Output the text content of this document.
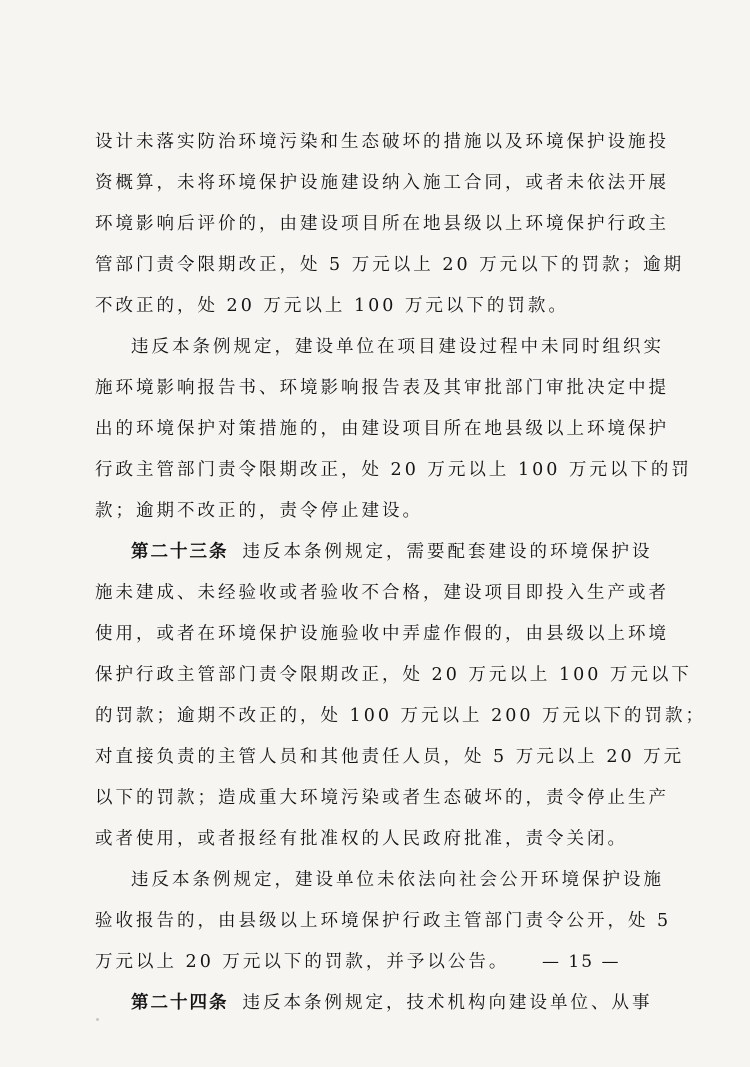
设计未落实防治环境污染和生态破坏的措施以及环境保护设施投
资概算，未将环境保护设施建设纳入施工合同，或者未依法开展
环境影响后评价的，由建设项目所在地县级以上环境保护行政主
管部门责令限期改正，处 5 万元以上 20 万元以下的罚款；逾期
不改正的，处 20 万元以上 100 万元以下的罚款。
违反本条例规定，建设单位在项目建设过程中未同时组织实
施环境影响报告书、环境影响报告表及其审批部门审批决定中提
出的环境保护对策措施的，由建设项目所在地县级以上环境保护
行政主管部门责令限期改正，处 20 万元以上 100 万元以下的罚
款；逾期不改正的，责令停止建设。
第二十三条 违反本条例规定，需要配套建设的环境保护设
施未建成、未经验收或者验收不合格，建设项目即投入生产或者
使用，或者在环境保护设施验收中弄虚作假的，由县级以上环境
保护行政主管部门责令限期改正，处 20 万元以上 100 万元以下
的罚款；逾期不改正的，处 100 万元以上 200 万元以下的罚款；
对直接负责的主管人员和其他责任人员，处 5 万元以上 20 万元
以下的罚款；造成重大环境污染或者生态破坏的，责令停止生产
或者使用，或者报经有批准权的人民政府批准，责令关闭。
违反本条例规定，建设单位未依法向社会公开环境保护设施
验收报告的，由县级以上环境保护行政主管部门责令公开，处 5
万元以上 20 万元以下的罚款，并予以公告。
第二十四条 违反本条例规定，技术机构向建设单位、从事
— 15 —
